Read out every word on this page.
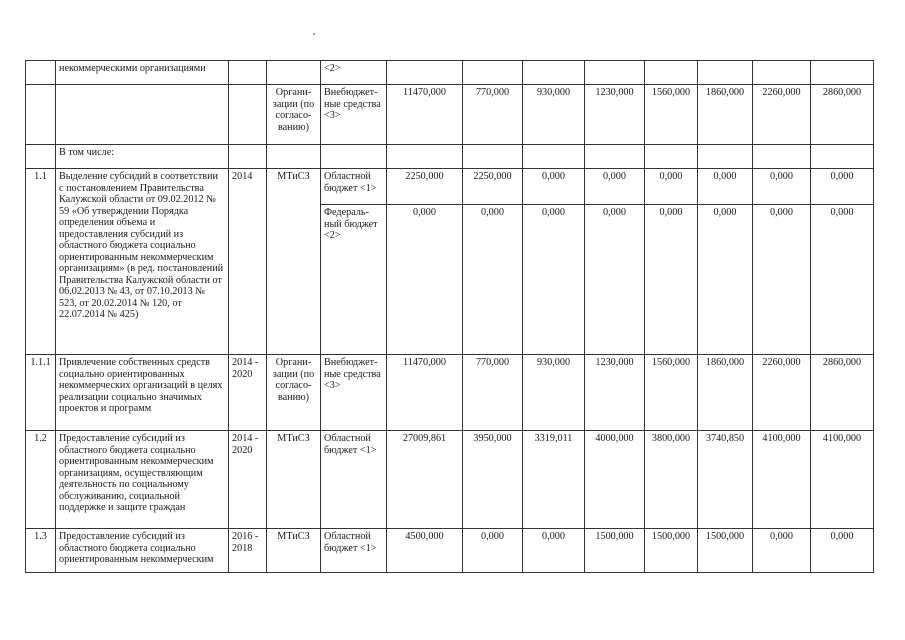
	некоммерческими организациями			<2>								
			Органи- зации (по согласо- ванию)	Внебюджет- ные средства <3>	11470,000	770,000	930,000	1230,000	1560,000	1860,000	2260,000	2860,000
	В том числе:											
1.1	Выделение субсидий в соответствии с постановлением Правительства Калужской области от 09.02.2012 № 59 «Об утверждении Порядка определения объема и предоставления субсидий из областного бюджета социально ориентированным некоммерческим организациям» (в ред. постановлений Правительства Калужской области от 06.02.2013 № 43, от 07.10.2013 № 523, от 20.02.2014 № 120, от 22.07.2014 № 425)	2014	МТиСЗ	Областной бюджет <1>	2250,000	2250,000	0,000	0,000	0,000	0,000	0,000	0,000
				Федераль- ный бюджет <2>	0,000	0,000	0,000	0,000	0,000	0,000	0,000	0,000
1.1.1	Привлечение собственных средств социально ориентированных некоммерческих организаций в целях реализации социально значимых проектов и программ	2014 - 2020	Органи- зации (по согласо- ванию)	Внебюджет- ные средства <3>	11470,000	770,000	930,000	1230,000	1560,000	1860,000	2260,000	2860,000
1.2	Предоставление субсидий из областного бюджета социально ориентированным некоммерческим организациям, осуществляющим деятельность по социальному обслуживанию, социальной поддержке и защите граждан	2014 - 2020	МТиСЗ	Областной бюджет <1>	27009,861	3950,000	3319,011	4000,000	3800,000	3740,850	4100,000	4100,000
1.3	Предоставление субсидий из областного бюджета социально ориентированным некоммерческим	2016 - 2018	МТиСЗ	Областной бюджет <1>	4500,000	0,000	0,000	1500,000	1500,000	1500,000	0,000	0,000
